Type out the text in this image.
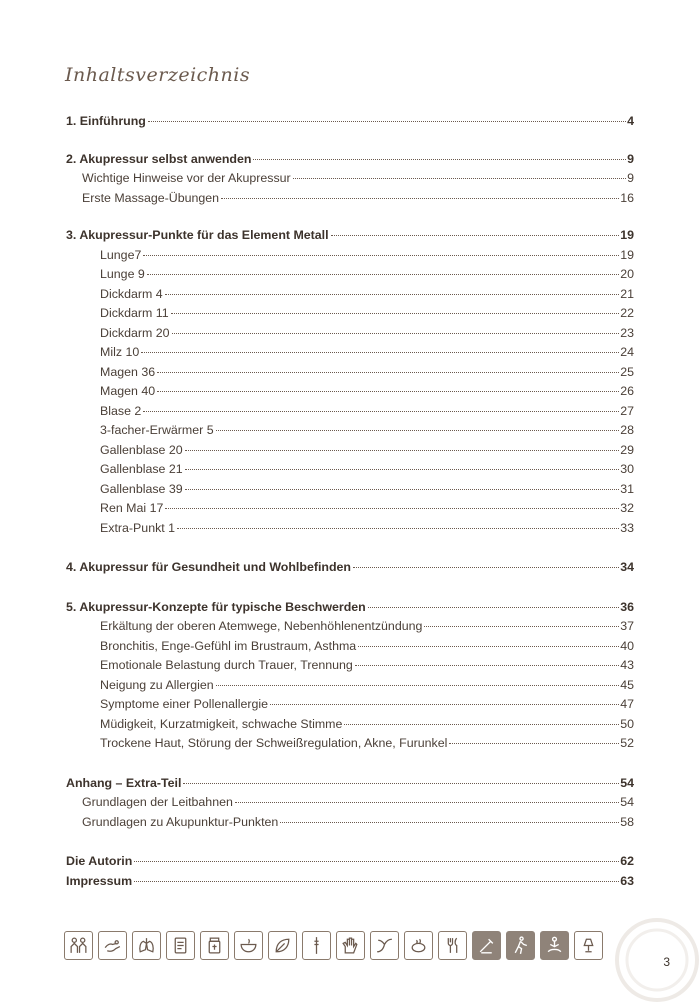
Inhaltsverzeichnis
1. Einführung	4
2. Akupressur selbst anwenden	9
Wichtige Hinweise vor der Akupressur	9
Erste Massage-Übungen	16
3. Akupressur-Punkte für das Element Metall	19
Lunge7	19
Lunge 9	20
Dickdarm 4	21
Dickdarm 11	22
Dickdarm 20	23
Milz 10	24
Magen 36	25
Magen 40	26
Blase 2	27
3-facher-Erwärmer 5	28
Gallenblase 20	29
Gallenblase 21	30
Gallenblase 39	31
Ren Mai 17	32
Extra-Punkt 1	33
4. Akupressur für Gesundheit und Wohlbefinden	34
5. Akupressur-Konzepte für typische Beschwerden	36
Erkältung der oberen Atemwege, Nebenhöhlenentzündung	37
Bronchitis, Enge-Gefühl im Brustraum, Asthma	40
Emotionale Belastung durch Trauer, Trennung	43
Neigung zu Allergien	45
Symptome einer Pollenallergie	47
Müdigkeit, Kurzatmigkeit, schwache Stimme	50
Trockene Haut, Störung der Schweißregulation, Akne, Furunkel	52
Anhang – Extra-Teil	54
Grundlagen der Leitbahnen	54
Grundlagen zu Akupunktur-Punkten	58
Die Autorin	62
Impressum	63
3
